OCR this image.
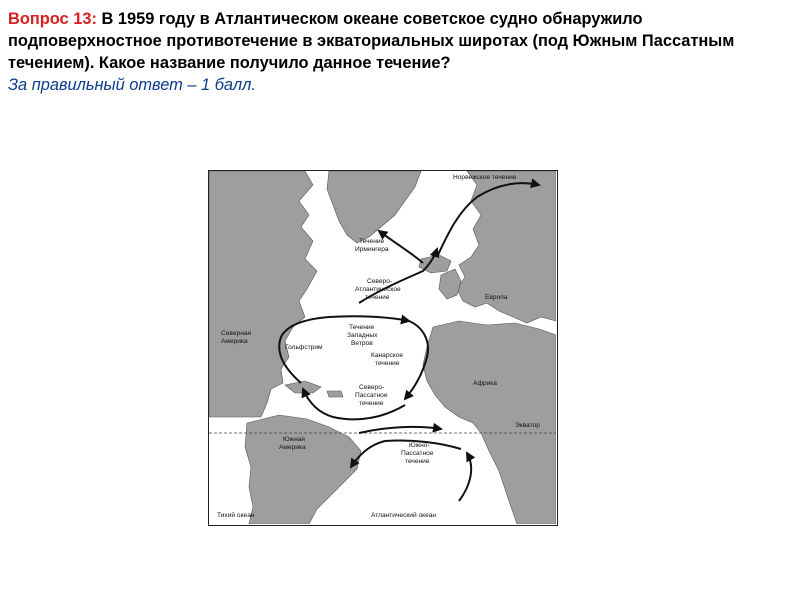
Вопрос 13: В 1959 году в Атлантическом океане советское судно обнаружило подповерхностное противотечение в экваториальных широтах (под Южным Пассатным течением). Какое название получило данное течение?
За правильный ответ – 1 балл.
Норвежское течение
Течение
Ирмингера
Северо-
Атлантическое
течение	Европа
Северная
Америка
Течение
Западных
Ветров
Гольфстрим
Канарское
течение
Африка
Северо-
Пассатное
течение
Экватор
Южная
Америка	Южно-
Пассатное
течение
Тихий океан	Атлантический океан
